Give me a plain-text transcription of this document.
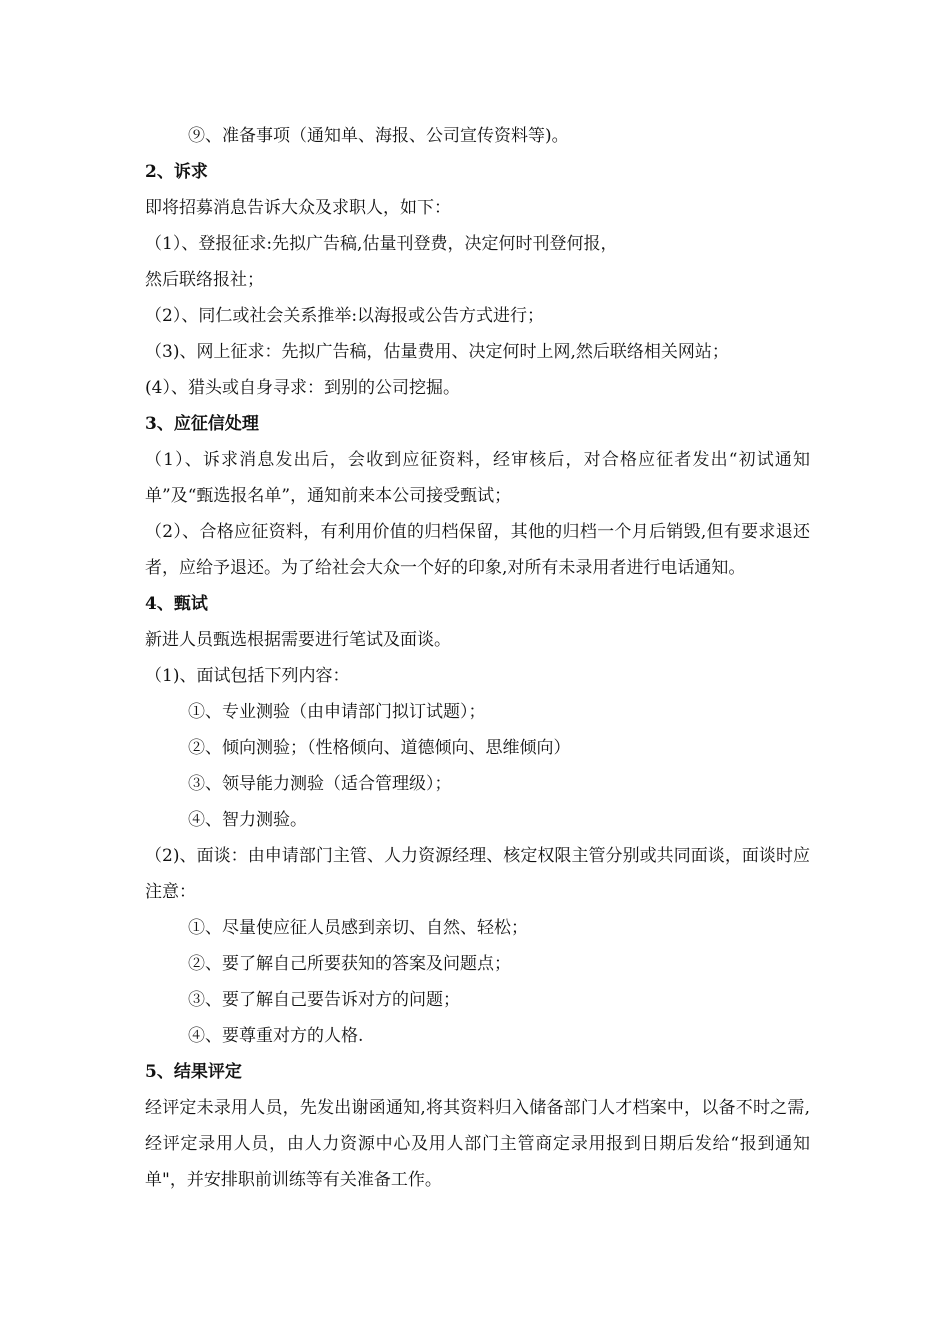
⑨、准备事项（通知单、海报、公司宣传资料等)。
2、诉求
即将招募消息告诉大众及求职人，如下：
（1）、登报征求:先拟广告稿,估量刊登费，决定何时刊登何报，
然后联络报社；
（2）、同仁或社会关系推举:以海报或公告方式进行；
（3)、网上征求：先拟广告稿，估量费用、决定何时上网,然后联络相关网站；
(4）、猎头或自身寻求：到别的公司挖掘。
3、应征信处理
（1）、诉求消息发出后，会收到应征资料，经审核后，对合格应征者发出“初试通知单”及“甄选报名单”，通知前来本公司接受甄试；
（2）、合格应征资料，有利用价值的归档保留，其他的归档一个月后销毁,但有要求退还者，应给予退还。为了给社会大众一个好的印象,对所有未录用者进行电话通知。
4、甄试
新进人员甄选根据需要进行笔试及面谈。
（1)、面试包括下列内容：
①、专业测验（由申请部门拟订试题）；
②、倾向测验；（性格倾向、道德倾向、思维倾向）
③、领导能力测验（适合管理级）；
④、智力测验。
（2)、面谈：由申请部门主管、人力资源经理、核定权限主管分别或共同面谈，面谈时应注意：
①、尽量使应征人员感到亲切、自然、轻松；
②、要了解自己所要获知的答案及问题点；
③、要了解自己要告诉对方的问题；
④、要尊重对方的人格.
5、结果评定
经评定未录用人员，先发出谢函通知,将其资料归入储备部门人才档案中，以备不时之需,经评定录用人员，由人力资源中心及用人部门主管商定录用报到日期后发给“报到通知单"，并安排职前训练等有关准备工作。
